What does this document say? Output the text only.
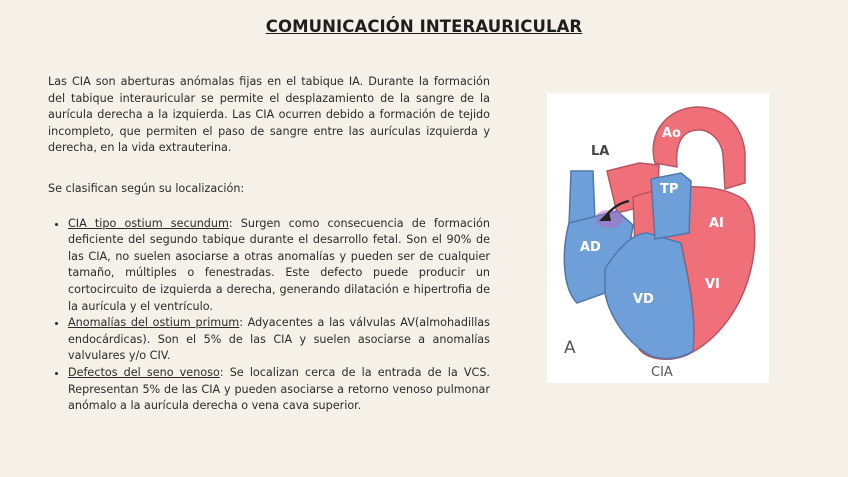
COMUNICACIÓN INTERAURICULAR

Las CIA son aberturas anómalas fijas en el tabique IA. Durante la formación del tabique interauricular se permite el desplazamiento de la sangre de la aurícula derecha a la izquierda. Las CIA ocurren debido a formación de tejido incompleto, que permiten el paso de sangre entre las aurículas izquierda y derecha, en la vida extrauterina.

Se clasifican según su localización:

• CIA tipo ostium secundum: Surgen como consecuencia de formación deficiente del segundo tabique durante el desarrollo fetal. Son el 90% de las CIA, no suelen asociarse a otras anomalías y pueden ser de cualquier tamaño, múltiples o fenestradas. Este defecto puede producir un cortocircuito de izquierda a derecha, generando dilatación e hipertrofia de la aurícula y el ventrículo.
• Anomalías del ostium primum: Adyacentes a las válvulas AV(almohadillas endocárdicas). Son el 5% de las CIA y suelen asociarse a anomalías valvulares y/o CIV.
• Defectos del seno venoso: Se localizan cerca de la entrada de la VCS. Representan 5% de las CIA y pueden asociarse a retorno venoso pulmonar anómalo a la aurícula derecha o vena cava superior.
Ao
LA
TP
AD
AI
VI
VD
A
CIA
